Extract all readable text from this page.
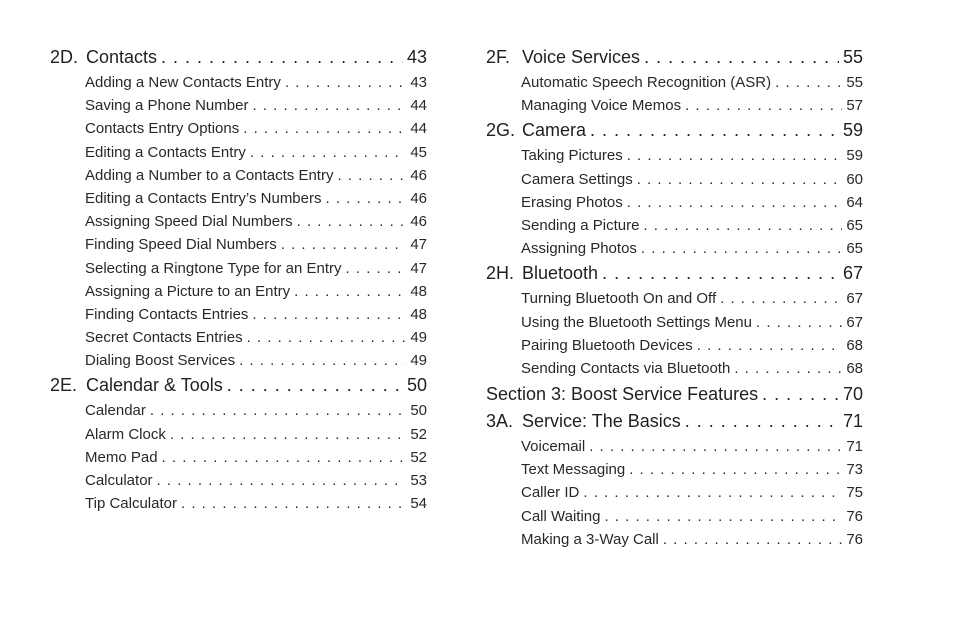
2D. Contacts . . .	43
Adding a New Contacts Entry . . .	43
Saving a Phone Number . . .	44
Contacts Entry Options . . .	44
Editing a Contacts Entry . . .	45
Adding a Number to a Contacts Entry . . .	46
Editing a Contacts Entry’s Numbers . . .	46
Assigning Speed Dial Numbers . . .	46
Finding Speed Dial Numbers . . .	47
Selecting a Ringtone Type for an Entry . . .	47
Assigning a Picture to an Entry . . .	48
Finding Contacts Entries . . .	48
Secret Contacts Entries . . .	49
Dialing Boost Services . . .	49
2E. Calendar & Tools . . .	50
Calendar . . .	50
Alarm Clock . . .	52
Memo Pad . . .	52
Calculator . . .	53
Tip Calculator . . .	54
2F. Voice Services . . .	55
Automatic Speech Recognition (ASR) . . .	55
Managing Voice Memos . . .	57
2G. Camera . . .	59
Taking Pictures . . .	59
Camera Settings . . .	60
Erasing Photos . . .	64
Sending a Picture . . .	65
Assigning Photos . . .	65
2H. Bluetooth . . .	67
Turning Bluetooth On and Off . . .	67
Using the Bluetooth Settings Menu . . .	67
Pairing Bluetooth Devices . . .	68
Sending Contacts via Bluetooth . . .	68
Section 3: Boost Service Features . . .	70
3A. Service: The Basics . . .	71
Voicemail . . .	71
Text Messaging . . .	73
Caller ID . . .	75
Call Waiting . . .	76
Making a 3-Way Call . . .	76
